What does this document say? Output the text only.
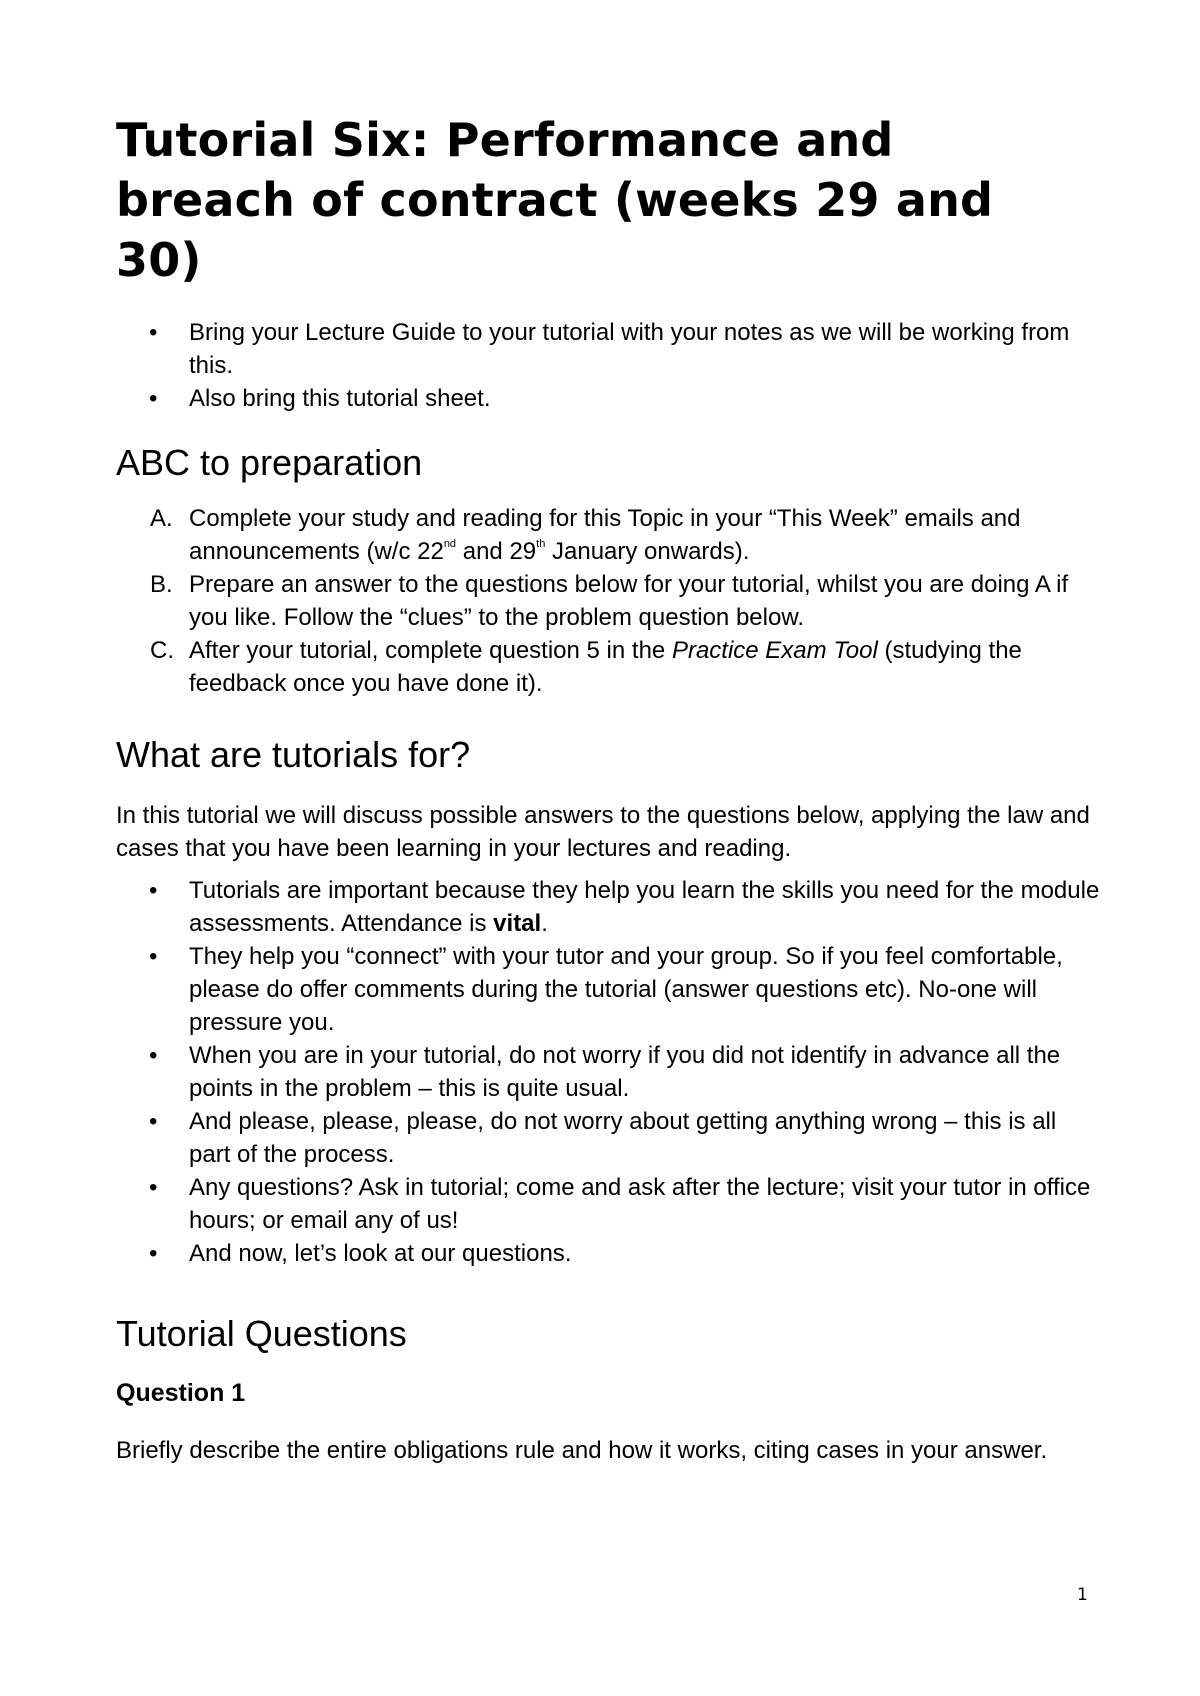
Tutorial Six: Performance and
breach of contract (weeks 29 and
30)
• Bring your Lecture Guide to your tutorial with your notes as we will be working from this.
• Also bring this tutorial sheet.
ABC to preparation
A. Complete your study and reading for this Topic in your “This Week” emails and announcements (w/c 22nd and 29th January onwards).
B. Prepare an answer to the questions below for your tutorial, whilst you are doing A if you like. Follow the “clues” to the problem question below.
C. After your tutorial, complete question 5 in the Practice Exam Tool (studying the feedback once you have done it).
What are tutorials for?

In this tutorial we will discuss possible answers to the questions below, applying the law and cases that you have been learning in your lectures and reading.

• Tutorials are important because they help you learn the skills you need for the module assessments. Attendance is vital.
• They help you “connect” with your tutor and your group. So if you feel comfortable, please do offer comments during the tutorial (answer questions etc). No-one will pressure you.
• When you are in your tutorial, do not worry if you did not identify in advance all the points in the problem – this is quite usual.
• And please, please, please, do not worry about getting anything wrong – this is all part of the process.
• Any questions? Ask in tutorial; come and ask after the lecture; visit your tutor in office hours; or email any of us!
• And now, let’s look at our questions.
Tutorial Questions
Question 1

Briefly describe the entire obligations rule and how it works, citing cases in your answer.

1
